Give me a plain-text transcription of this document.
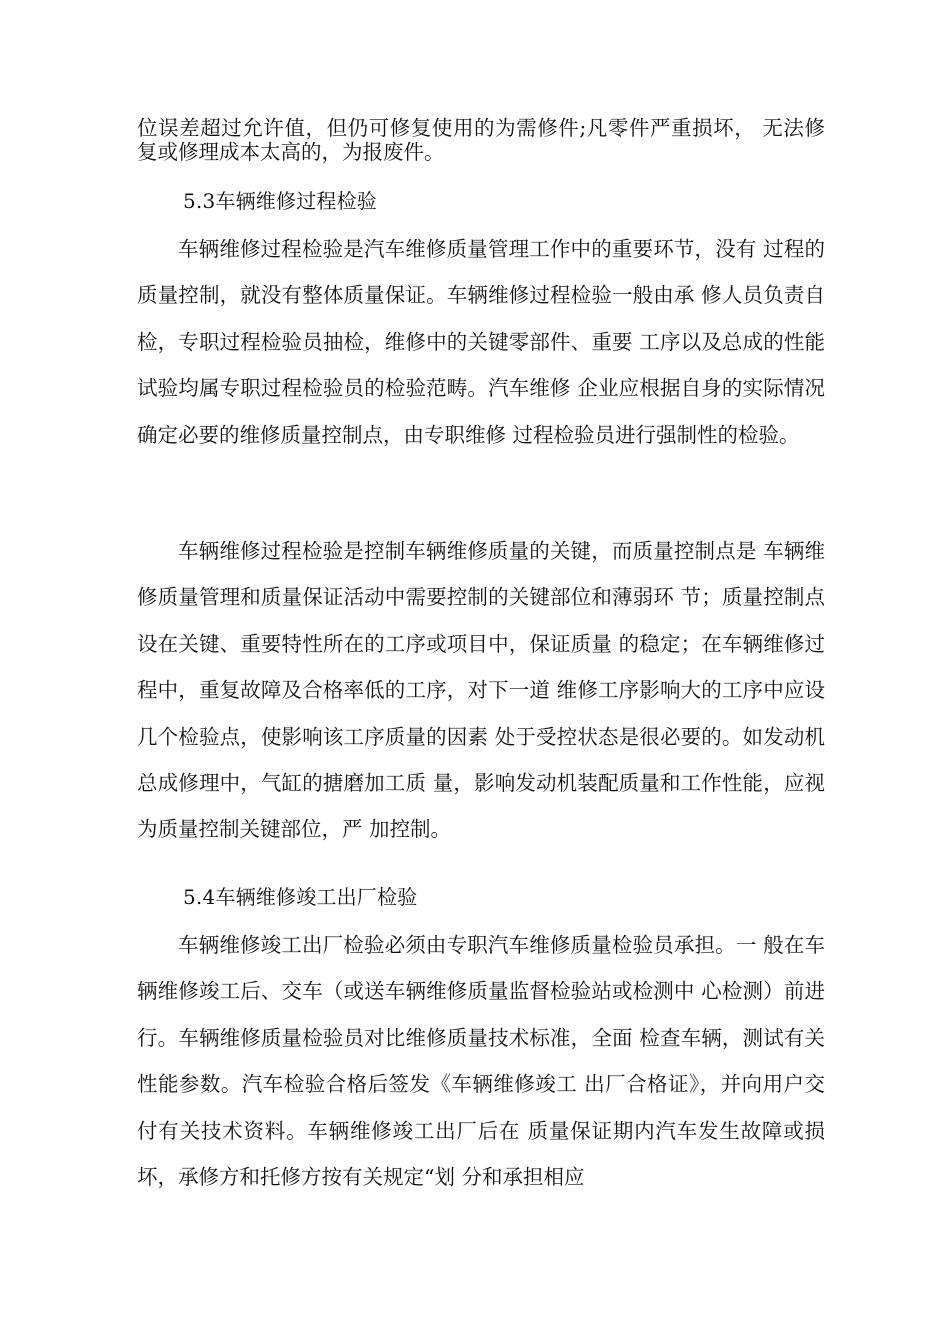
位误差超过允许值，但仍可修复使用的为需修件;凡零件严重损坏， 无法修复或修理成本太高的，为报废件。

5.3车辆维修过程检验

车辆维修过程检验是汽车维修质量管理工作中的重要环节，没有 过程的质量控制，就没有整体质量保证。车辆维修过程检验一般由承 修人员负责自检，专职过程检验员抽检，维修中的关键零部件、重要 工序以及总成的性能试验均属专职过程检验员的检验范畴。汽车维修 企业应根据自身的实际情况确定必要的维修质量控制点，由专职维修 过程检验员进行强制性的检验。

车辆维修过程检验是控制车辆维修质量的关键，而质量控制点是 车辆维修质量管理和质量保证活动中需要控制的关键部位和薄弱环 节；质量控制点设在关键、重要特性所在的工序或项目中，保证质量 的稳定；在车辆维修过程中，重复故障及合格率低的工序，对下一道 维修工序影响大的工序中应设几个检验点，使影响该工序质量的因素 处于受控状态是很必要的。如发动机总成修理中，气缸的搪磨加工质 量，影响发动机装配质量和工作性能，应视为质量控制关键部位，严 加控制。

5.4车辆维修竣工出厂检验

车辆维修竣工出厂检验必须由专职汽车维修质量检验员承担。一 般在车辆维修竣工后、交车（或送车辆维修质量监督检验站或检测中 心检测）前进行。车辆维修质量检验员对比维修质量技术标准，全面 检查车辆，测试有关性能参数。汽车检验合格后签发《车辆维修竣工 出厂合格证》，并向用户交付有关技术资料。车辆维修竣工出厂后在 质量保证期内汽车发生故障或损坏，承修方和托修方按有关规定“划 分和承担相应
